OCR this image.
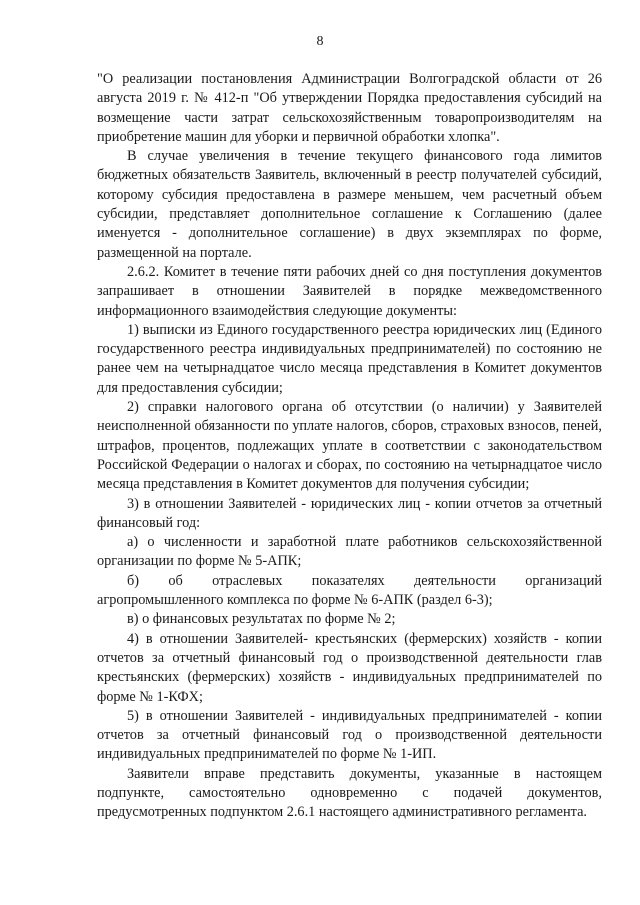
8

"О реализации постановления Администрации Волгоградской области от 26 августа 2019 г. № 412-п "Об утверждении Порядка предоставления субсидий на возмещение части затрат сельскохозяйственным товаропроизводителям на приобретение машин для уборки и первичной обработки хлопка".

В случае увеличения в течение текущего финансового года лимитов бюджетных обязательств Заявитель, включенный в реестр получателей субсидий, которому субсидия предоставлена в размере меньшем, чем расчетный объем субсидии, представляет дополнительное соглашение к Соглашению (далее именуется - дополнительное соглашение) в двух экземплярах по форме, размещенной на портале.

2.6.2. Комитет в течение пяти рабочих дней со дня поступления документов запрашивает в отношении Заявителей в порядке межведомственного информационного взаимодействия следующие документы:

1) выписки из Единого государственного реестра юридических лиц (Единого государственного реестра индивидуальных предпринимателей) по состоянию не ранее чем на четырнадцатое число месяца представления в Комитет документов для предоставления субсидии;

2) справки налогового органа об отсутствии (о наличии) у Заявителей неисполненной обязанности по уплате налогов, сборов, страховых взносов, пеней, штрафов, процентов, подлежащих уплате в соответствии с законодательством Российской Федерации о налогах и сборах, по состоянию на четырнадцатое число месяца представления в Комитет документов для получения субсидии;

3) в отношении Заявителей - юридических лиц - копии отчетов за отчетный финансовый год:

а) о численности и заработной плате работников сельскохозяйственной организации по форме № 5-АПК;

б) об отраслевых показателях деятельности организаций агропромышленного комплекса по форме № 6-АПК (раздел 6-3);

в) о финансовых результатах по форме № 2;

4) в отношении Заявителей- крестьянских (фермерских) хозяйств - копии отчетов за отчетный финансовый год о производственной деятельности глав крестьянских (фермерских) хозяйств - индивидуальных предпринимателей по форме № 1-КФХ;

5) в отношении Заявителей - индивидуальных предпринимателей - копии отчетов за отчетный финансовый год о производственной деятельности индивидуальных предпринимателей по форме № 1-ИП.

Заявители вправе представить документы, указанные в настоящем подпункте, самостоятельно одновременно с подачей документов, предусмотренных подпунктом 2.6.1 настоящего административного регламента.
